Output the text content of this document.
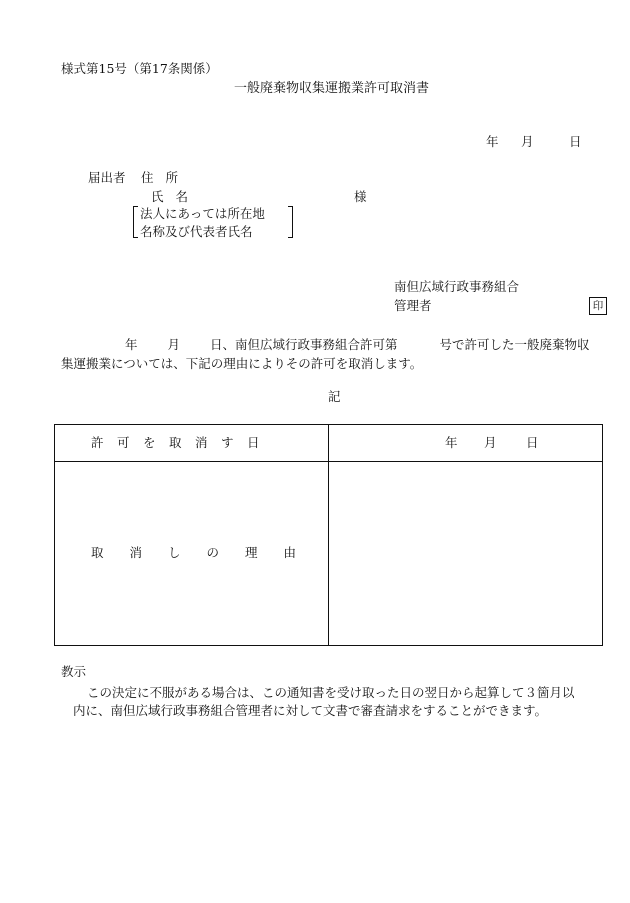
様式第15号（第17条関係）
一般廃棄物収集運搬業許可取消書
年 月	日
届出者 住所
氏名	様
法人にあっては所在地
名称及び代表者氏名
南但広域行政事務組合
管理者	印
年 月 日、南但広域行政事務組合許可第	号で許可した一般廃棄物収
集運搬業については、下記の理由によりその許可を取消します。
記
許可を取消す日	年 月 日
取消しの理由
教示
この決定に不服がある場合は、この通知書を受け取った日の翌日から起算して３箇月以
内に、南但広域行政事務組合管理者に対して文書で審査請求をすることができます。
